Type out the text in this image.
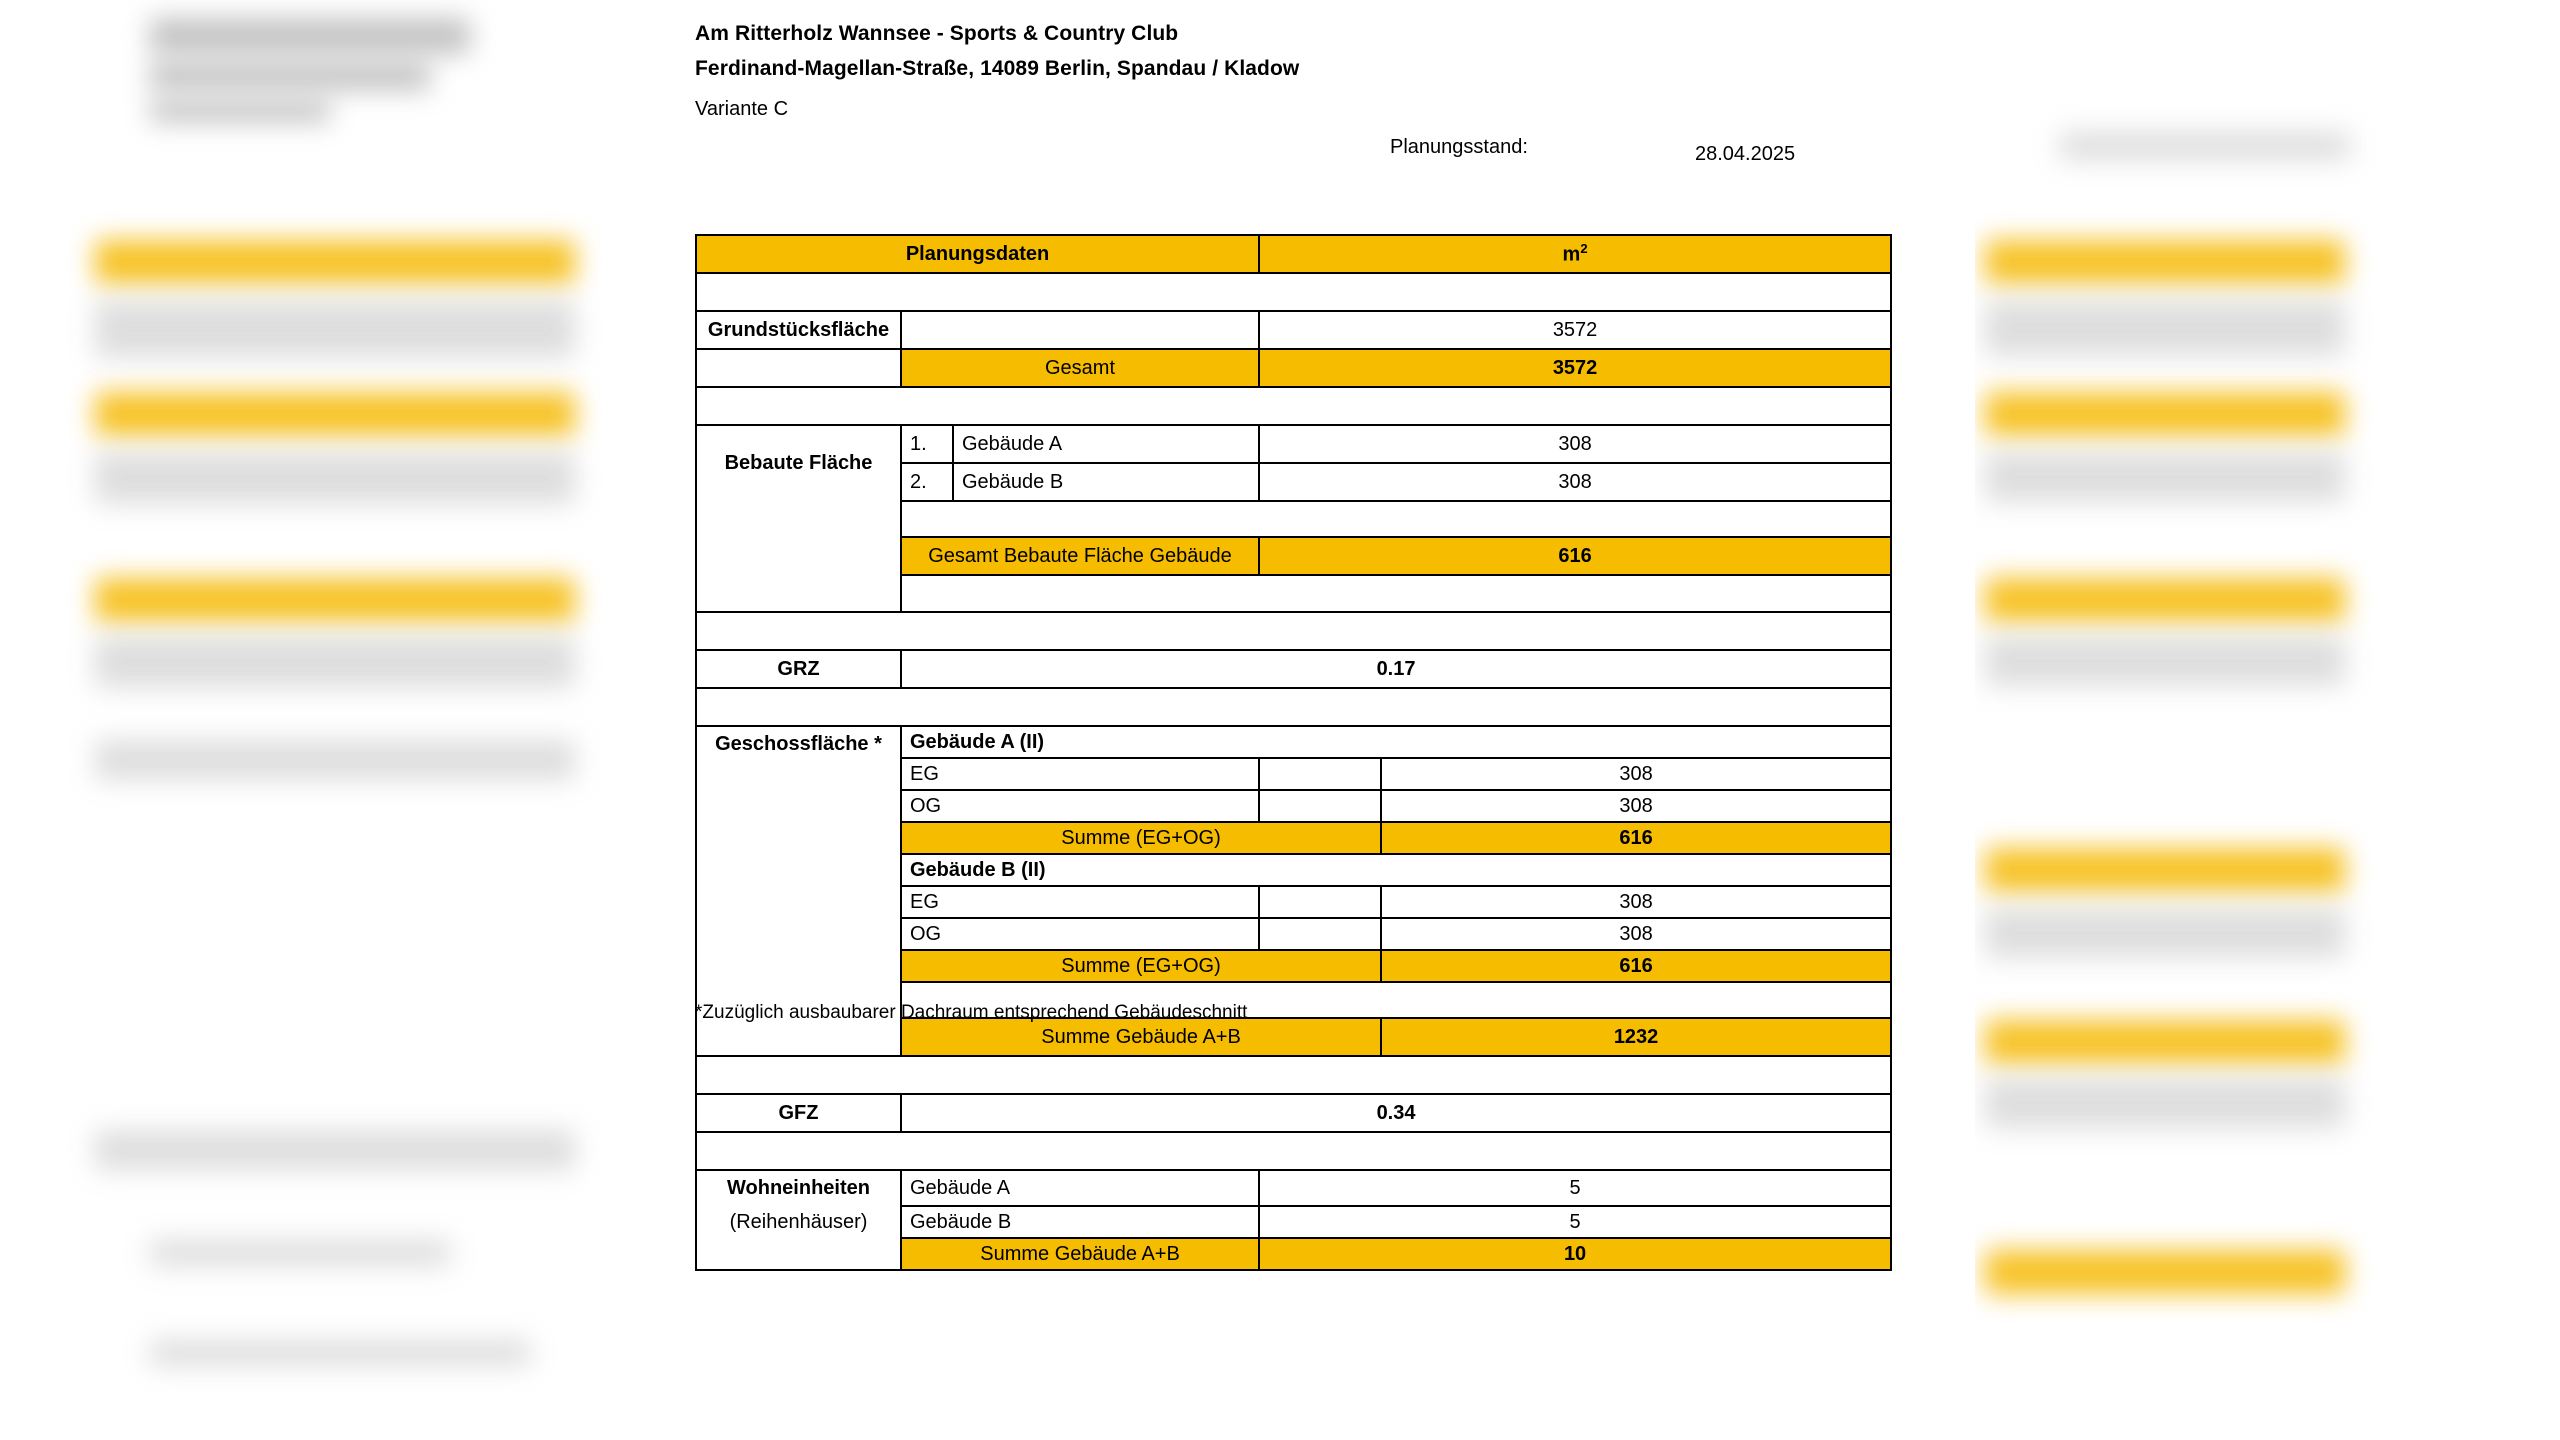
Am Ritterholz Wannsee - Sports & Country Club
Ferdinand-Magellan-Straße, 14089 Berlin, Spandau / Kladow
Variante C
Planungsstand:	28.04.2025
Planungsdaten			$m^2$

Grundstücksfläche			3572	

	Gesamt		3572	

Bebaute Fläche	1.	Gebäude A	308	
	2.	Gebäude B	308	

	Gesamt Bebaute Fläche Gebäude		616	

GRZ	0.17			

Geschossfläche *	Gebäude A (II)			
	EG			308
	OG			308
	Summe (EG+OG)			616
	Gebäude B (II)			
	EG			308
	OG			308
	Summe (EG+OG)			616

	Summe Gebäude A+B			1232

GFZ	0.34			

Wohneinheiten	Gebäude A		5	
(Reihenhäuser)	Gebäude B		5	
	Summe Gebäude A+B		10	
*Zuzüglich ausbaubarer Dachraum entsprechend Gebäudeschnitt
